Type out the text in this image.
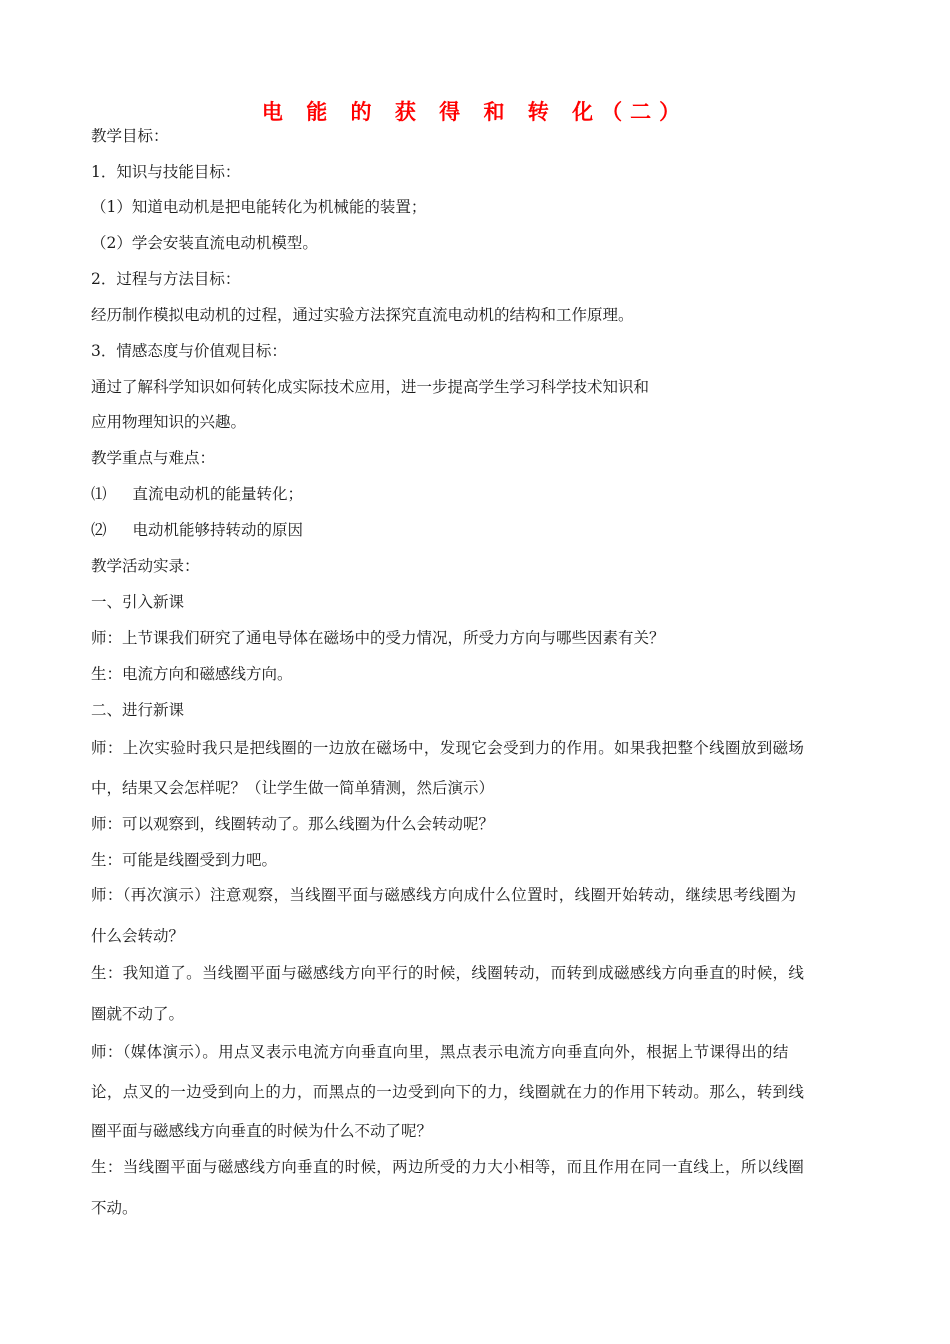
电 能 的 获 得 和 转 化（二）
教学目标：
1．知识与技能目标：
（1）知道电动机是把电能转化为机械能的装置；
（2）学会安装直流电动机模型。
2．过程与方法目标：
经历制作模拟电动机的过程，通过实验方法探究直流电动机的结构和工作原理。
3．情感态度与价值观目标：
通过了解科学知识如何转化成实际技术应用，进一步提高学生学习科学技术知识和
应用物理知识的兴趣。
教学重点与难点：
⑴ 直流电动机的能量转化；
⑵ 电动机能够持转动的原因
教学活动实录：
一、引入新课
师：上节课我们研究了通电导体在磁场中的受力情况，所受力方向与哪些因素有关？
生：电流方向和磁感线方向。
二、进行新课
师：上次实验时我只是把线圈的一边放在磁场中，发现它会受到力的作用。如果我把整个线圈放到磁场
中，结果又会怎样呢？（让学生做一简单猜测，然后演示）
师：可以观察到，线圈转动了。那么线圈为什么会转动呢？
生：可能是线圈受到力吧。
师：（再次演示）注意观察，当线圈平面与磁感线方向成什么位置时，线圈开始转动，继续思考线圈为
什么会转动？
生：我知道了。当线圈平面与磁感线方向平行的时候，线圈转动，而转到成磁感线方向垂直的时候，线
圈就不动了。
师：（媒体演示）。用点叉表示电流方向垂直向里，黑点表示电流方向垂直向外，根据上节课得出的结
论，点叉的一边受到向上的力，而黑点的一边受到向下的力，线圈就在力的作用下转动。那么，转到线
圈平面与磁感线方向垂直的时候为什么不动了呢？
生：当线圈平面与磁感线方向垂直的时候，两边所受的力大小相等，而且作用在同一直线上，所以线圈
不动。
